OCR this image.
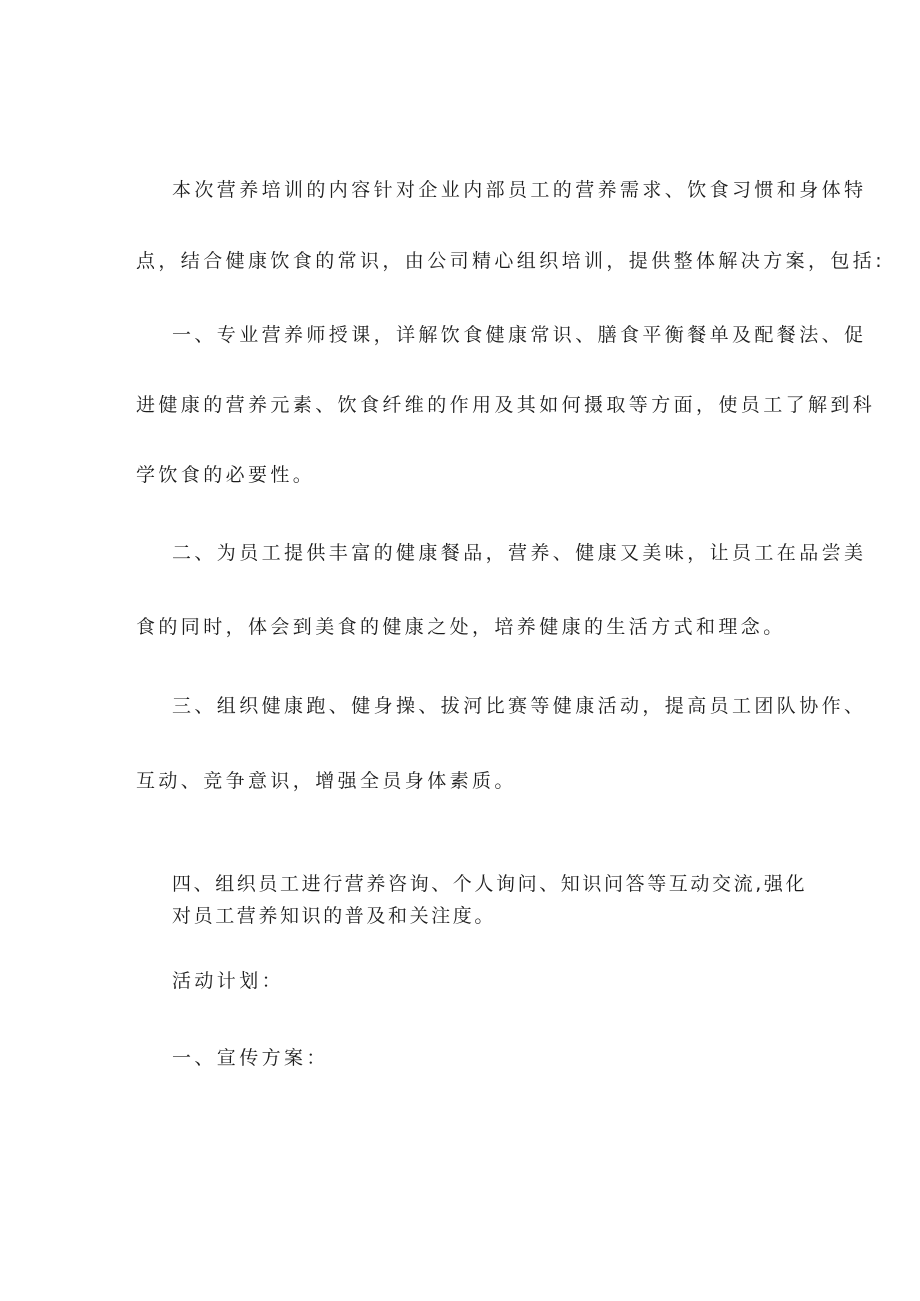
本次营养培训的内容针对企业内部员工的营养需求、饮食习惯和身体特
点，结合健康饮食的常识，由公司精心组织培训，提供整体解决方案，包括:
一、专业营养师授课，详解饮食健康常识、膳食平衡餐单及配餐法、促
进健康的营养元素、饮食纤维的作用及其如何摄取等方面，使员工了解到科
学饮食的必要性。
二、为员工提供丰富的健康餐品，营养、健康又美味，让员工在品尝美
食的同时，体会到美食的健康之处，培养健康的生活方式和理念。
三、组织健康跑、健身操、拔河比赛等健康活动，提高员工团队协作、
互动、竞争意识，增强全员身体素质。
四、组织员工进行营养咨询、个人询问、知识问答等互动交流,强化
对员工营养知识的普及和关注度。
活动计划：
一、宣传方案：
